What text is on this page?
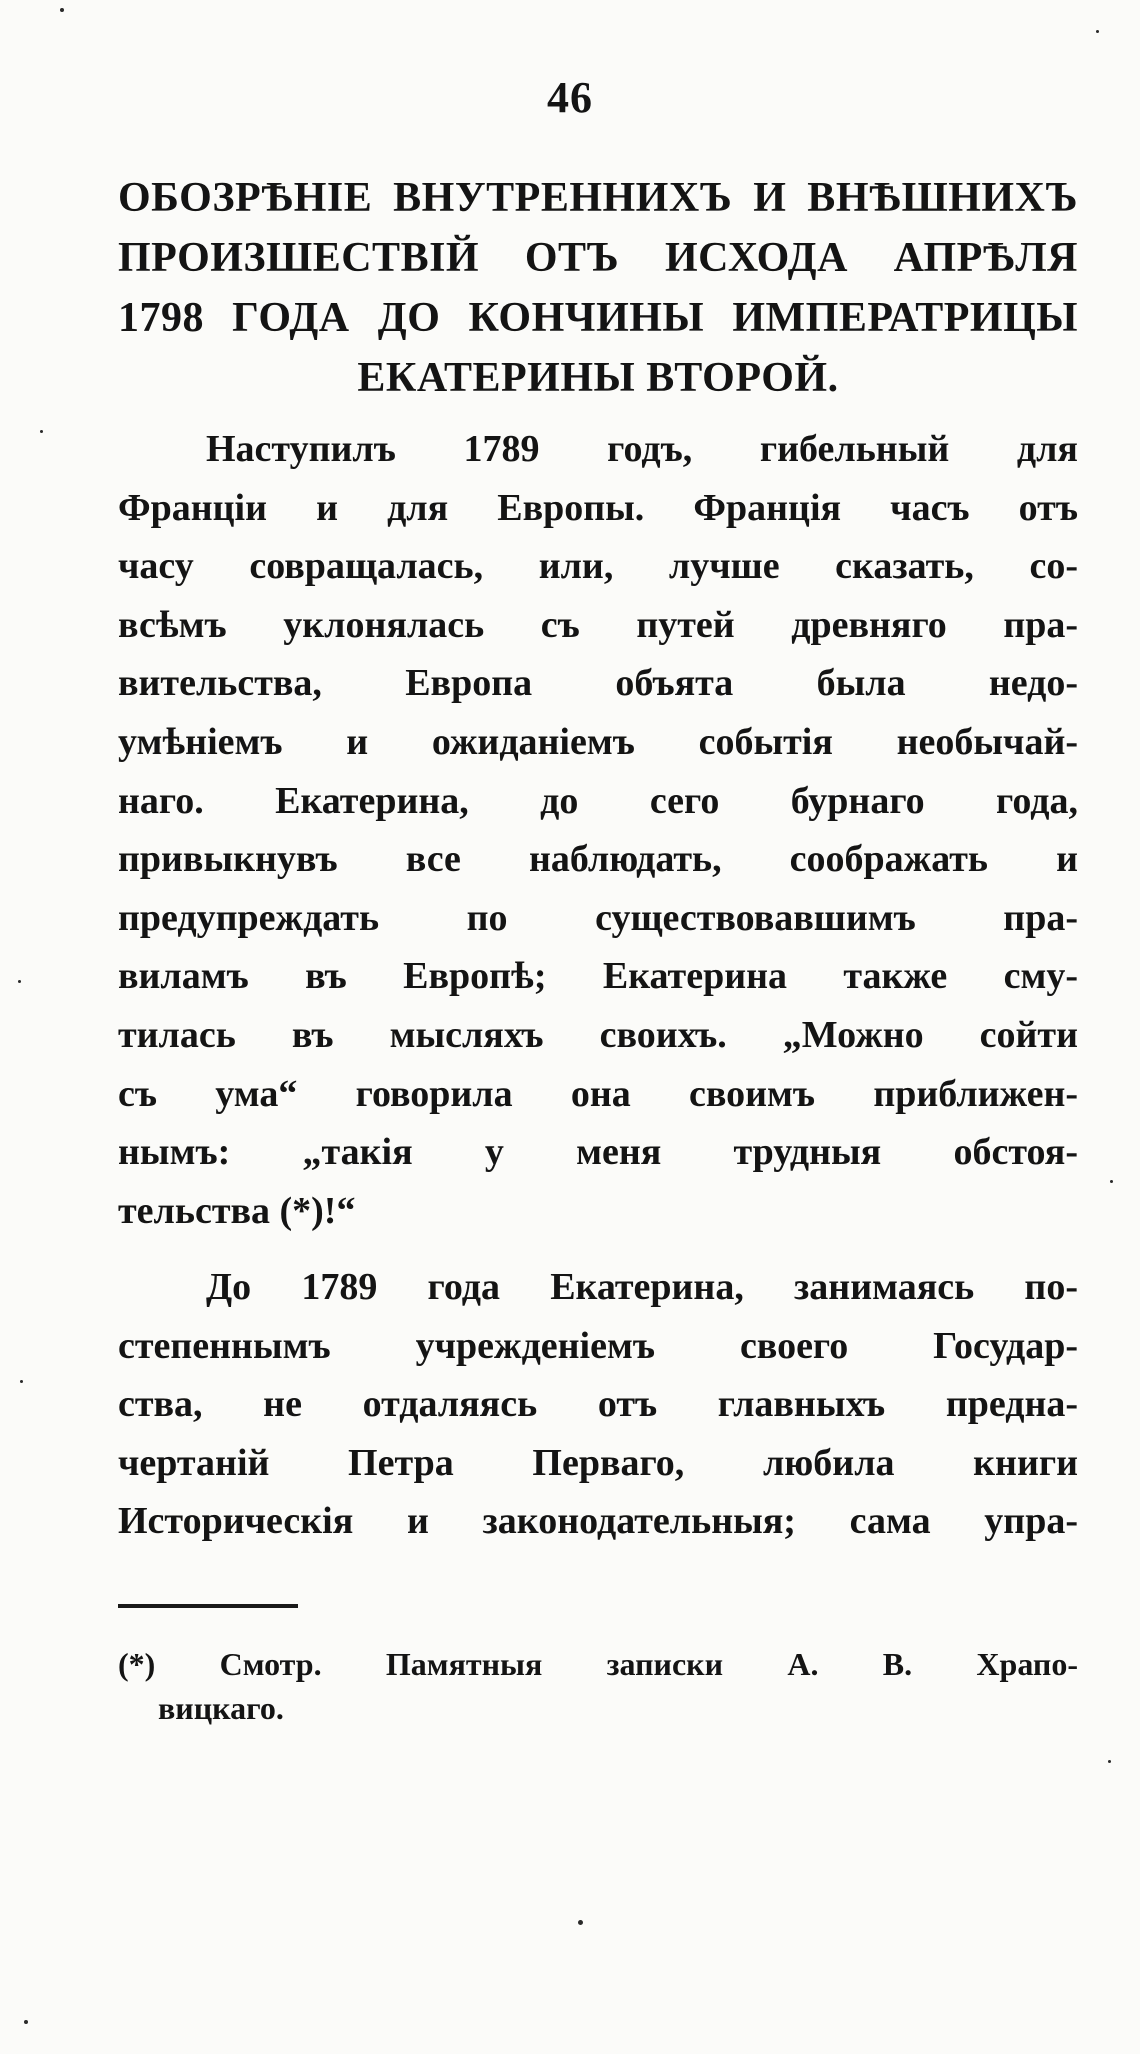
46
ОБОЗРѢНІЕ ВНУТРЕННИХЪ И ВНѢШНИХЪ
ПРОИЗШЕСТВІЙ ОТЪ ИСХОДА АПРѢЛЯ
1798 ГОДА ДО КОНЧИНЫ ИМПЕРАТРИЦЫ
ЕКАТЕРИНЫ ВТОРОЙ.
Наступилъ 1789 годъ, гибельный для
Франціи и для Европы. Франція часъ отъ
часу совращалась, или, лучше сказать, со-
всѣмъ уклонялась съ путей древняго пра-
вительства, Европа объята была недо-
умѣніемъ и ожиданіемъ событія необычай-
наго. Екатерина, до сего бурнаго года,
привыкнувъ все наблюдать, соображать и
предупреждать по существовавшимъ пра-
виламъ въ Европѣ; Екатерина также сму-
тилась въ мысляхъ своихъ. „Можно сойти
съ ума“ говорила она своимъ приближен-
нымъ: „такія у меня трудныя обстоя-
тельства (*)!“
До 1789 года Екатерина, занимаясь по-
степеннымъ учрежденіемъ своего Государ-
ства, не отдаляясь отъ главныхъ предна-
чертаній Петра Перваго, любила книги
Историческія и законодательныя; сама упра-
(*) Смотр. Памятныя записки А. В. Храпо-
вицкаго.
